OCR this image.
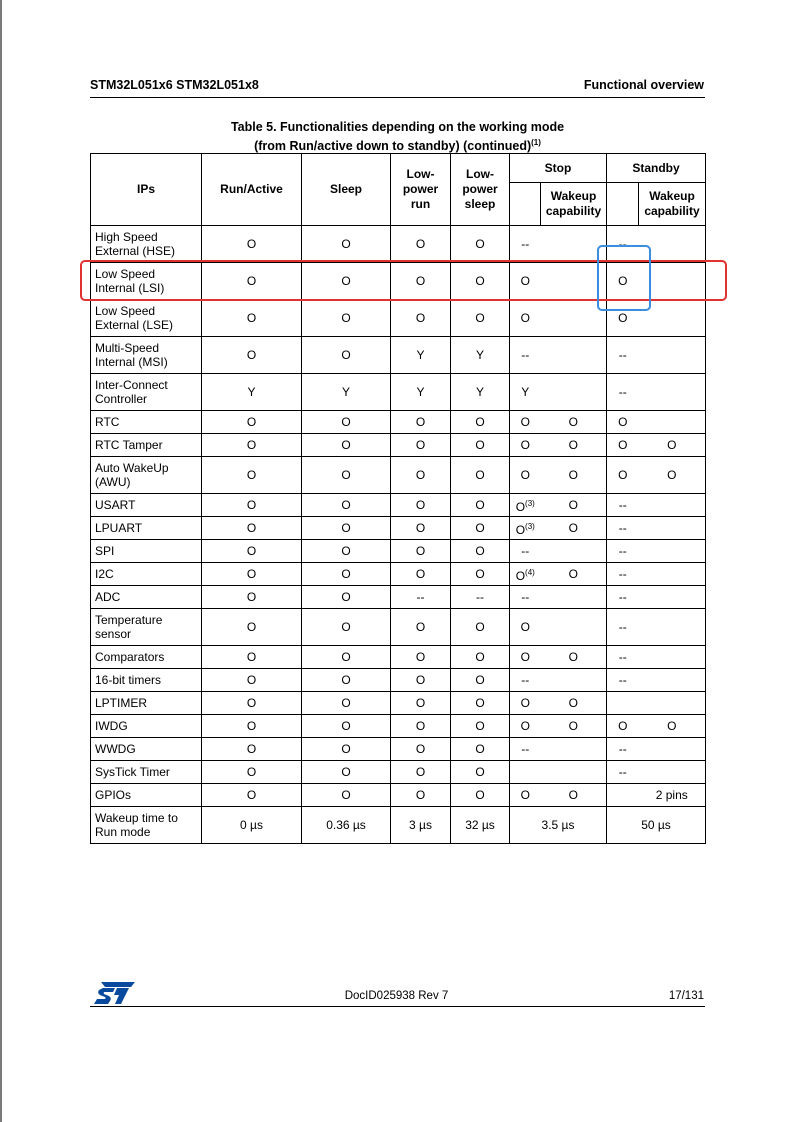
STM32L051x6 STM32L051x8	Functional overview
Table 5. Functionalities depending on the working mode
(from Run/active down to standby) (continued)$^{(1)}$
IPs	Run/Active	Sleep	Low-power run	Low-power sleep	Stop		Standby	
						Wakeup capability		Wakeup capability
High Speed External (HSE)	O	O	O	O	--		--	
Low Speed Internal (LSI)	O	O	O	O	O		O	
Low Speed External (LSE)	O	O	O	O	O		O	
Multi-Speed Internal (MSI)	O	O	Y	Y	--		--	
Inter-Connect Controller	Y	Y	Y	Y	Y		--	
RTC	O	O	O	O	O	O	O	
RTC Tamper	O	O	O	O	O	O	O	O
Auto WakeUp (AWU)	O	O	O	O	O	O	O	O
USART	O	O	O	O	$O^{(3)}$	O	--	
LPUART	O	O	O	O	$O^{(3)}$	O	--	
SPI	O	O	O	O	--		--	
I2C	O	O	O	O	$O^{(4)}$	O	--	
ADC	O	O	--	--	--		--	
Temperature sensor	O	O	O	O	O		--	
Comparators	O	O	O	O	O	O	--	
16-bit timers	O	O	O	O	--		--	
LPTIMER	O	O	O	O	O	O		
IWDG	O	O	O	O	O	O	O	O
WWDG	O	O	O	O	--		--	
SysTick Timer	O	O	O	O			--	
GPIOs	O	O	O	O	O	O		2 pins
Wakeup time to Run mode	0 µs	0.36 µs	3 µs	32 µs	3.5 µs		50 µs	
DocID025938 Rev 7	17/131
